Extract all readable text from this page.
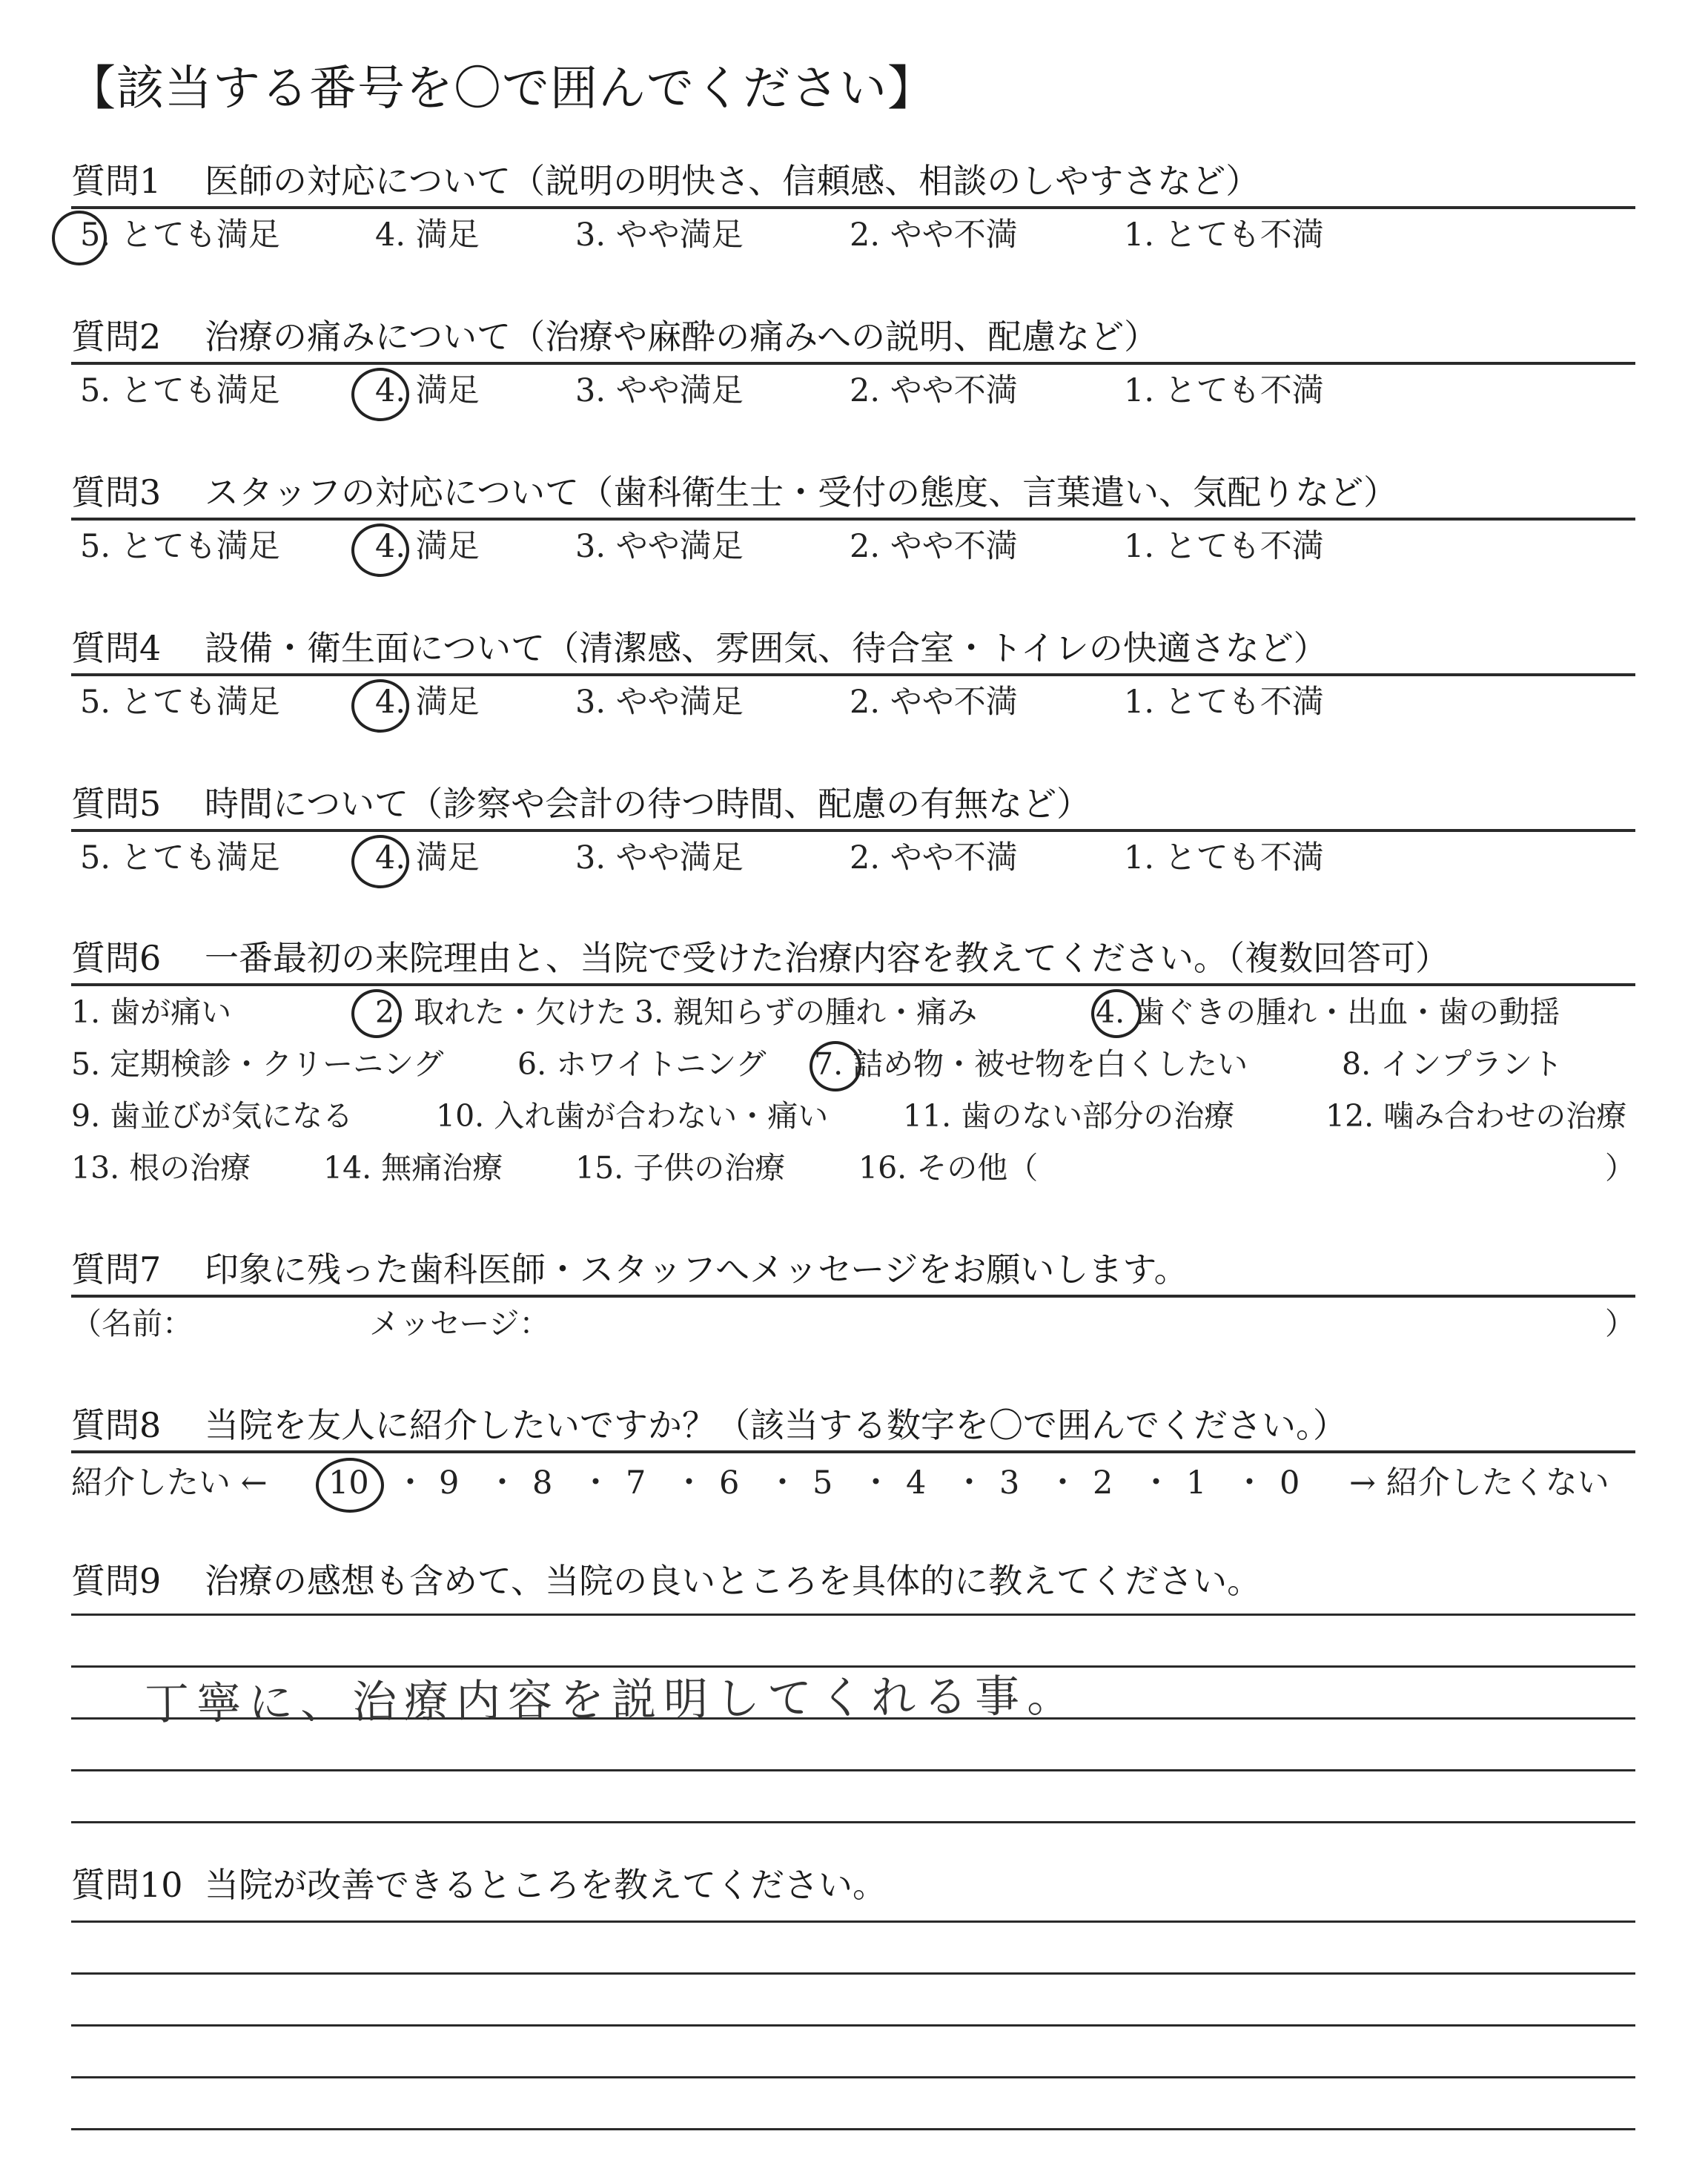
【該当する番号を〇で囲んでください】
質問1 医師の対応について（説明の明快さ、信頼感、相談のしやすさなど）
5. とても満足	4. 満足	3. やや満足	2. やや不満	1. とても不満
質問2 治療の痛みについて（治療や麻酔の痛みへの説明、配慮など）
5. とても満足	4. 満足	3. やや満足	2. やや不満	1. とても不満
質問3 スタッフの対応について（歯科衛生士・受付の態度、言葉遣い、気配りなど）
5. とても満足	4. 満足	3. やや満足	2. やや不満	1. とても不満
質問4 設備・衛生面について（清潔感、雰囲気、待合室・トイレの快適さなど）
5. とても満足	4. 満足	3. やや満足	2. やや不満	1. とても不満
質問5 時間について（診察や会計の待つ時間、配慮の有無など）
5. とても満足	4. 満足	3. やや満足	2. やや不満	1. とても不満
質問6 一番最初の来院理由と、当院で受けた治療内容を教えてください。（複数回答可）
1. 歯が痛い	2. 取れた・欠けた 3. 親知らずの腫れ・痛み	4. 歯ぐきの腫れ・出血・歯の動揺
5. 定期検診・クリーニング 6. ホワイトニング 7. 詰め物・被せ物を白くしたい	8. インプラント
9. 歯並びが気になる	10. 入れ歯が合わない・痛い 11. 歯のない部分の治療	12. 噛み合わせの治療
13. 根の治療 14. 無痛治療 15. 子供の治療 16. その他（	）
質問7 印象に残った歯科医師・スタッフへメッセージをお願いします。
（名前：	メッセージ：	）
質問8 当院を友人に紹介したいですか？（該当する数字を〇で囲んでください。）
紹介したい ← 10 ・ 9 ・ 8 ・ 7 ・ 6 ・ 5 ・ 4 ・ 3 ・ 2 ・ 1 ・ 0 → 紹介したくない
質問9 治療の感想も含めて、当院の良いところを具体的に教えてください。
丁寧に、治療内容を説明してくれる事。
質問10 当院が改善できるところを教えてください。
